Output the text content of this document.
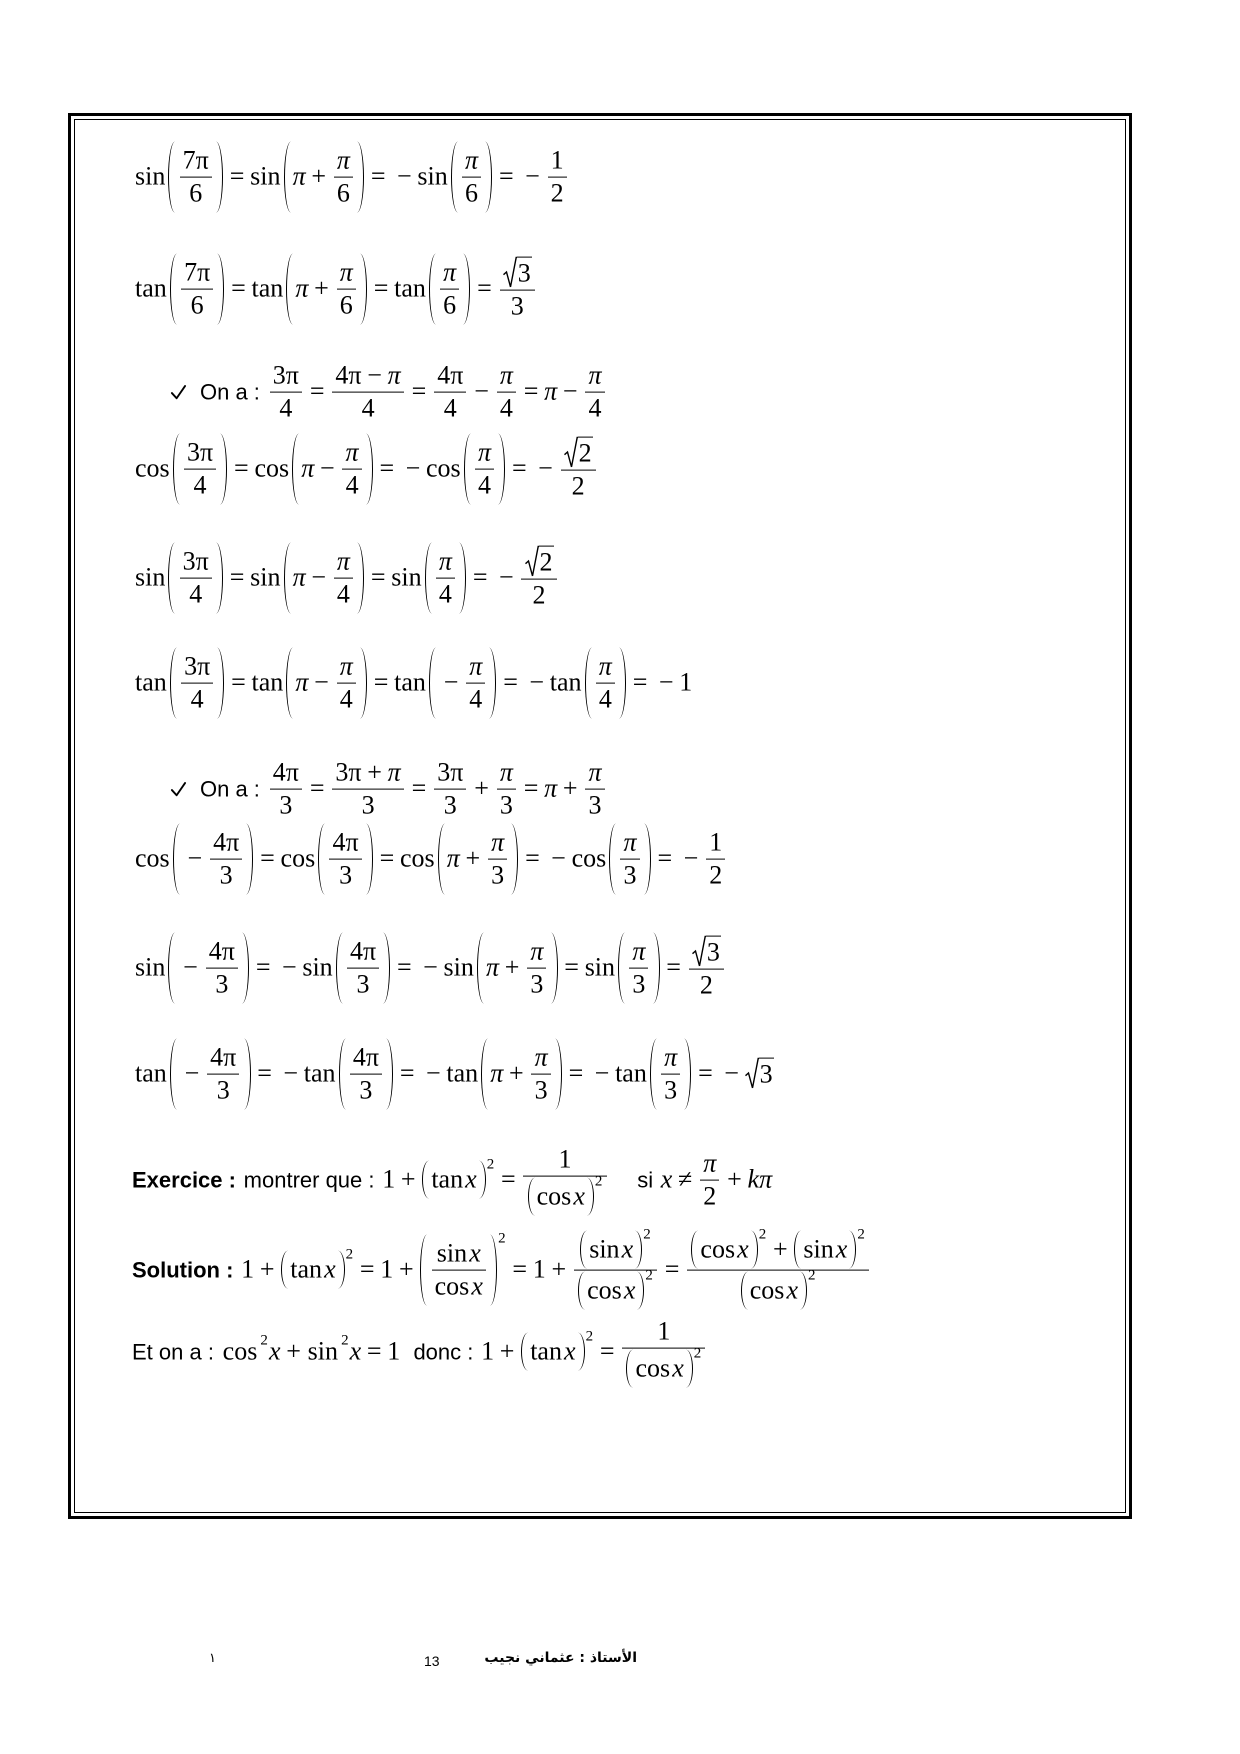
$\sin \frac{7\pi}{6} = \sin \pi + \frac{\pi}{6}$ = − $\sin \frac{\pi}{6}$ = − $\frac{1}{2}$
$\tan \frac{7\pi}{6} = \tan \pi + \frac{\pi}{6} = \tan \frac{\pi}{6} = \frac{3}{3}$
On a : $\frac{3\pi}{4} = \frac{4\pi - \pi}{4} = \frac{4\pi}{4} - \frac{\pi}{4} = \pi - \frac{\pi}{4}$
$\cos \frac{3\pi}{4} = \cos \pi - \frac{\pi}{4}$ = − $\cos \frac{\pi}{4}$ = − $\frac{2}{2}$
$\sin \frac{3\pi}{4} = \sin \pi - \frac{\pi}{4} = \sin \frac{\pi}{4}$ = − $\frac{2}{2}$
$\tan \frac{3\pi}{4} = \tan \pi - \frac{\pi}{4} = \tan - \frac{\pi}{4}$ = − $\tan \frac{\pi}{4}$ = − 1
On a : $\frac{4\pi}{3} = \frac{3\pi + \pi}{3} = \frac{3\pi}{3} + \frac{\pi}{3} = \pi + \frac{\pi}{3}$
$\cos - \frac{4\pi}{3} = \cos \frac{4\pi}{3} = \cos \pi + \frac{\pi}{3}$ = − $\cos \frac{\pi}{3}$ = − $\frac{1}{2}$
$\sin - \frac{4\pi}{3}$ = − $\sin \frac{4\pi}{3}$ = − $\sin \pi + \frac{\pi}{3} = \sin \frac{\pi}{3} = \frac{3}{2}$
$\tan - \frac{4\pi}{3}$ = − $\tan \frac{4\pi}{3}$ = − $\tan \pi + \frac{\pi}{3}$ = − $\tan \frac{\pi}{3}$ = − 3
Exercice : montrer que : 1 + tan x $2 = \frac{1}{\text{cos x 2}}$ si $x \ne \frac{\pi}{2} + k\pi$
Solution : 1 + tan x $2 = 1 + \frac{\text{sin x}}{\text{cos x}} 2$
= $1 + \frac{\text{sin x 2}}{\text{cos x 2}} = \frac{\text{cos x 2 + sin x 2}}{\text{cos x 2}}$
Et on a : cos 2 x + sin 2 x = 1 donc : 1 + tan x $2 = \frac{1}{\text{cos x 2}}$
١	13	الأستاذ : عثماني نجيب
